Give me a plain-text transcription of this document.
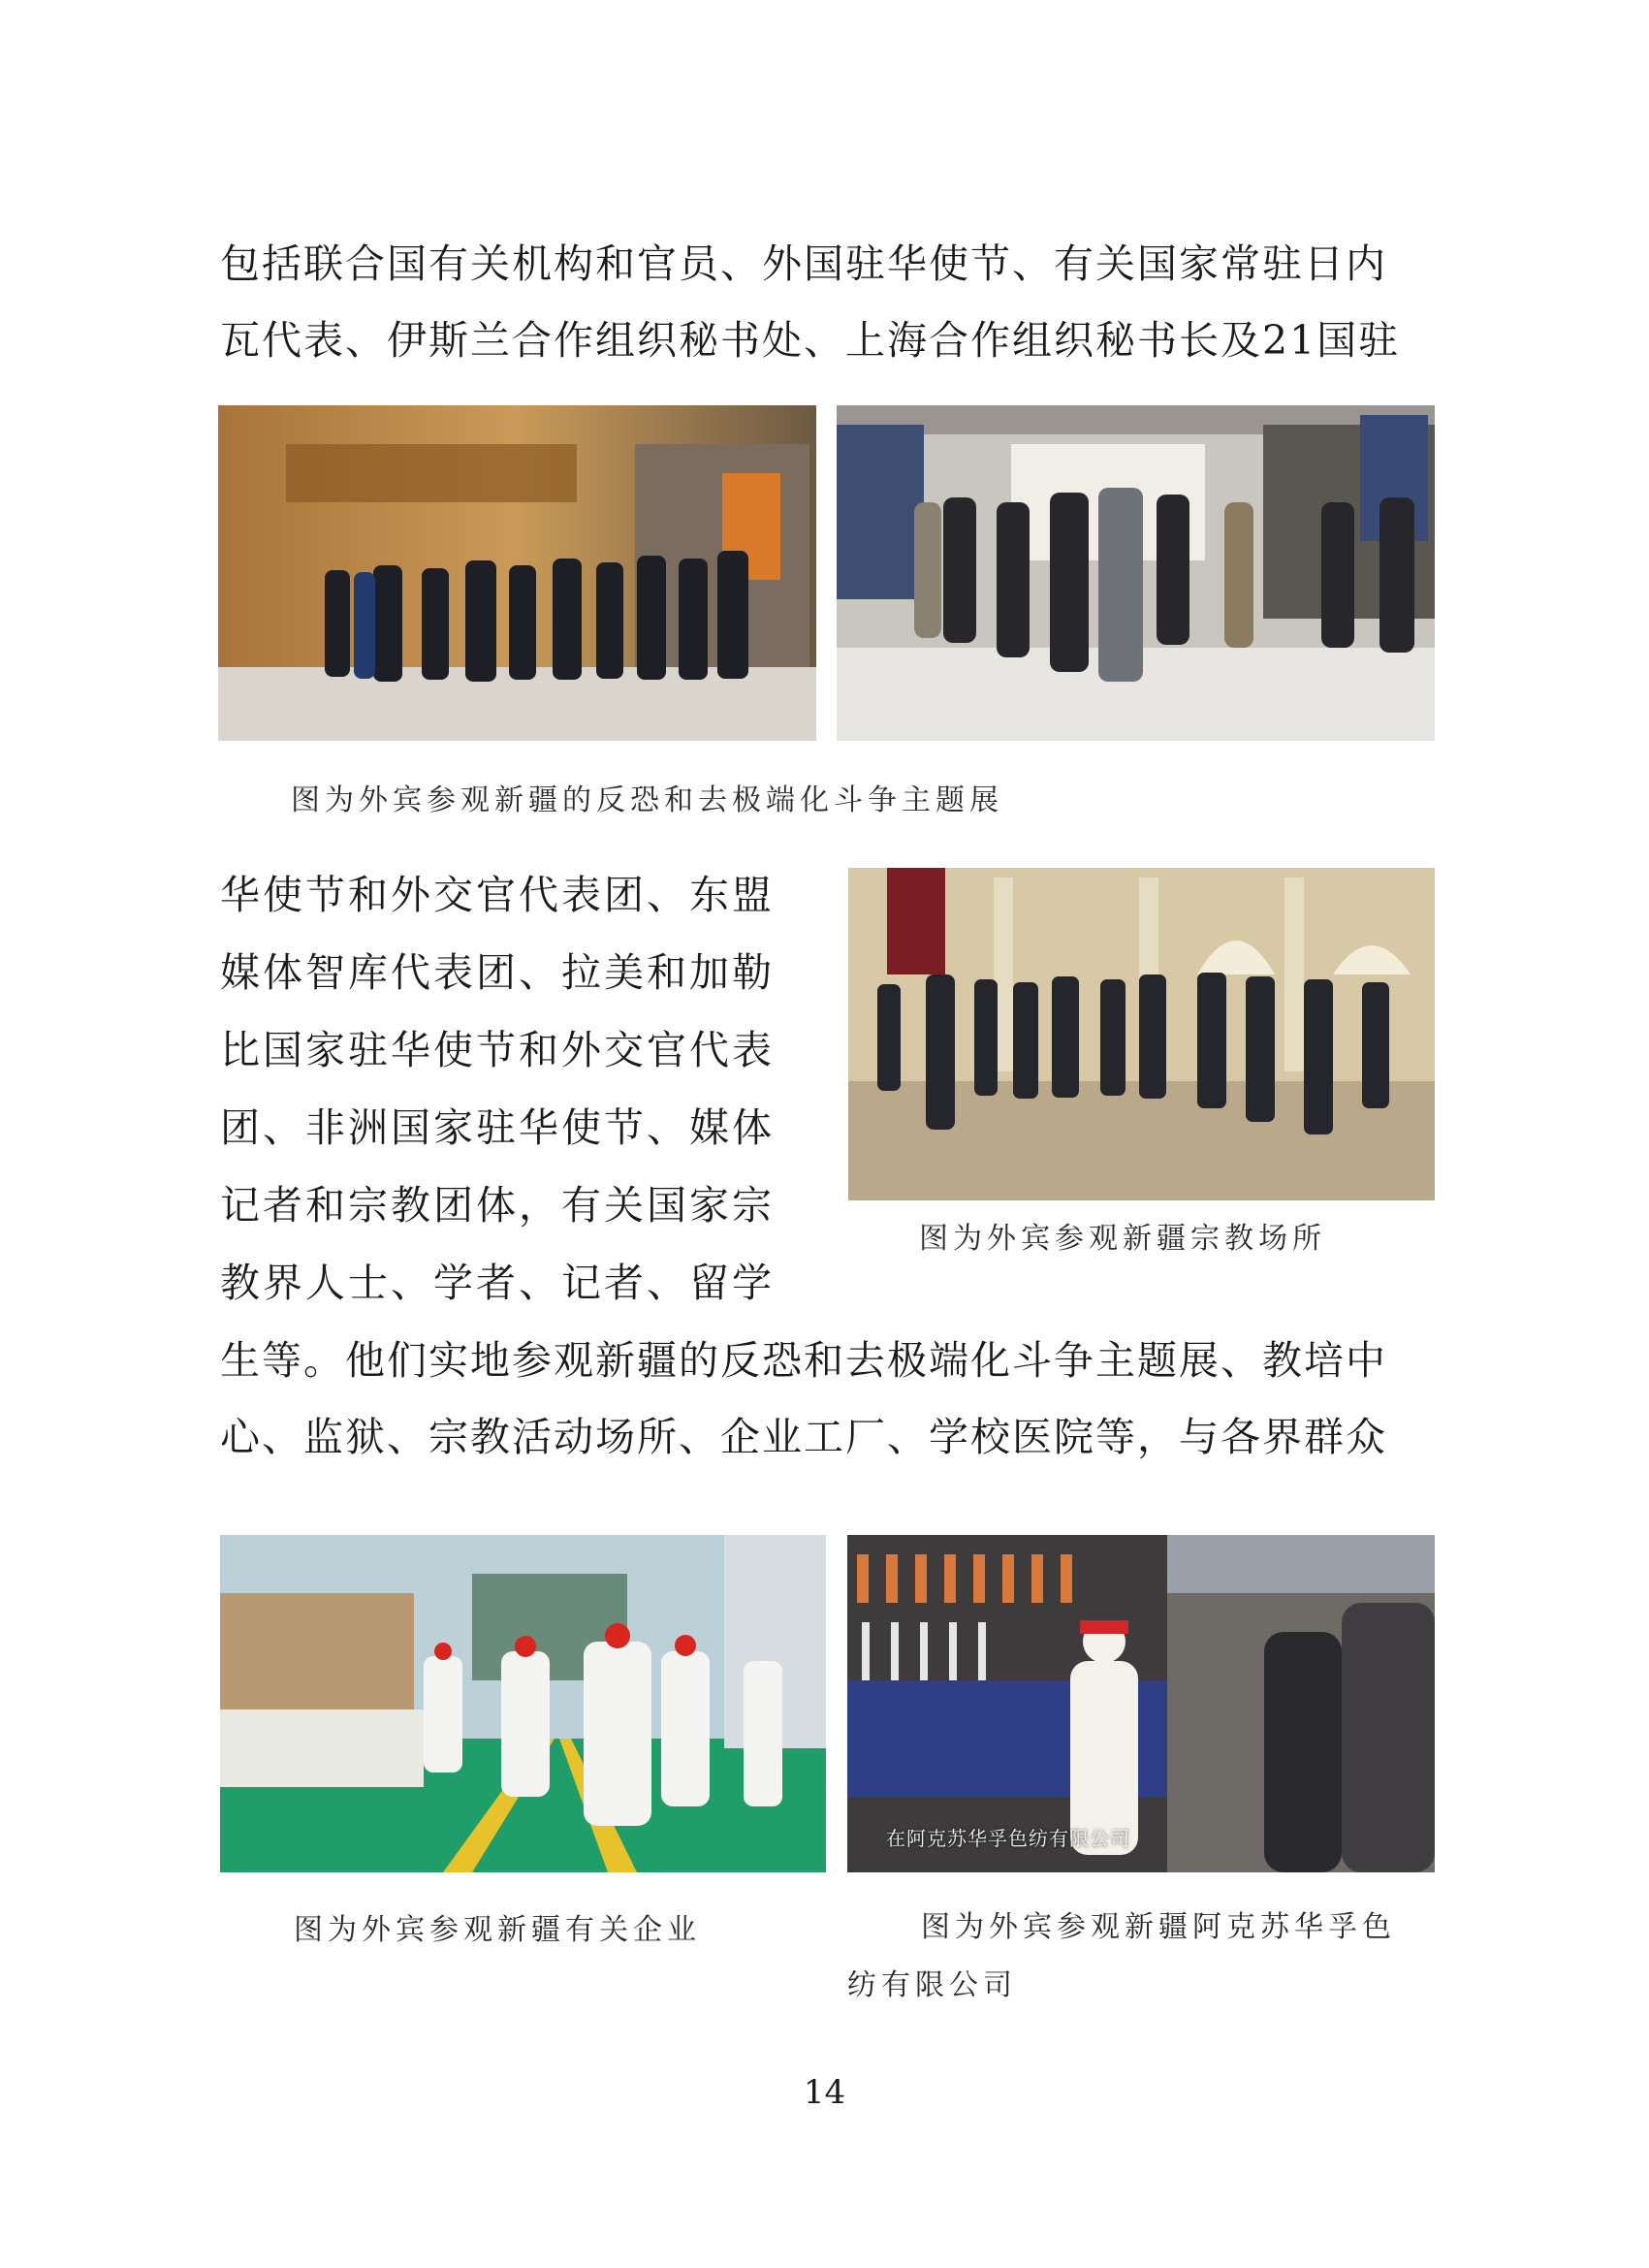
包括联合国有关机构和官员、外国驻华使节、有关国家常驻日内
瓦代表、伊斯兰合作组织秘书处、上海合作组织秘书长及21国驻
图为外宾参观新疆的反恐和去极端化斗争主题展
华使节和外交官代表团、东盟
媒体智库代表团、拉美和加勒
比国家驻华使节和外交官代表
团、非洲国家驻华使节、媒体
记者和宗教团体，有关国家宗
教界人士、学者、记者、留学
图为外宾参观新疆宗教场所
生等。他们实地参观新疆的反恐和去极端化斗争主题展、教培中
心、监狱、宗教活动场所、企业工厂、学校医院等，与各界群众
在阿克苏华孚色纺有限公司
图为外宾参观新疆有关企业	图为外宾参观新疆阿克苏华孚色
纺有限公司
14
